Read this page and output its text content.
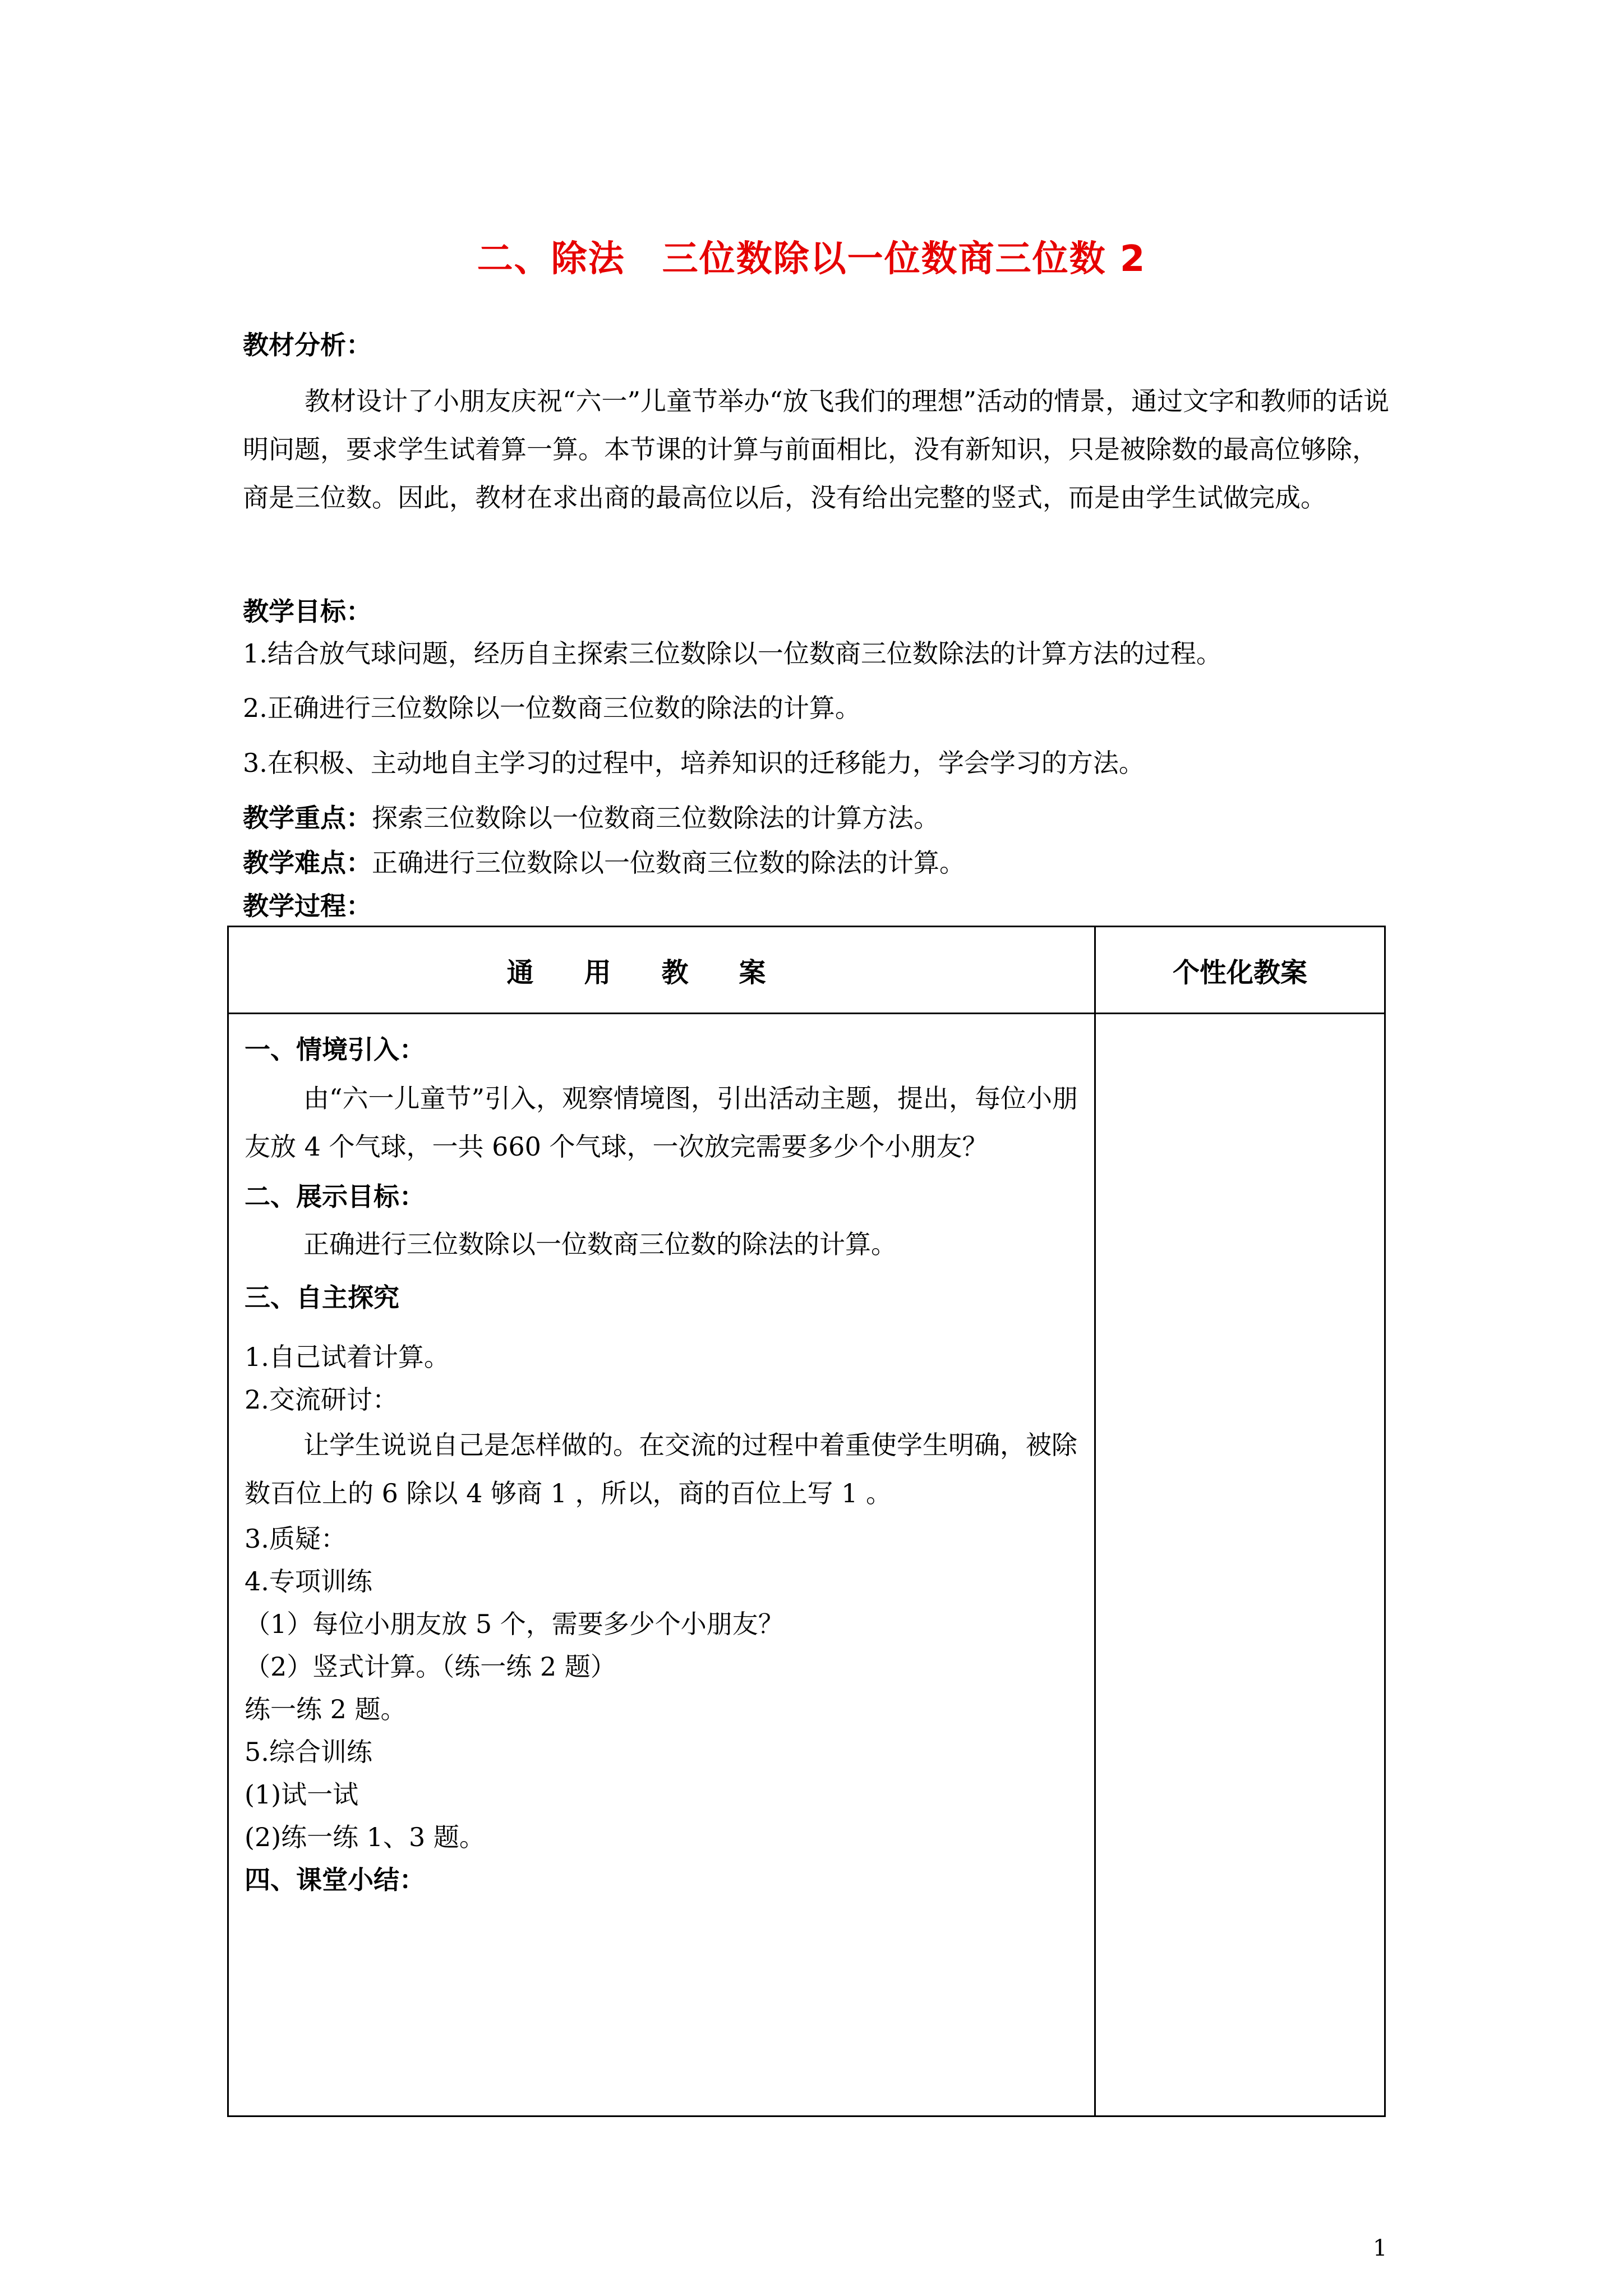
二、除法　三位数除以一位数商三位数 2
教材分析：
教材设计了小朋友庆祝“六一”儿童节举办“放飞我们的理想”活动的情景，通过文字和教师的话说明问题，要求学生试着算一算。本节课的计算与前面相比，没有新知识，只是被除数的最高位够除，商是三位数。因此，教材在求出商的最高位以后，没有给出完整的竖式，而是由学生试做完成。
教学目标：
1.结合放气球问题，经历自主探索三位数除以一位数商三位数除法的计算方法的过程。
2.正确进行三位数除以一位数商三位数的除法的计算。
3.在积极、主动地自主学习的过程中，培养知识的迁移能力，学会学习的方法。
教学重点：探索三位数除以一位数商三位数除法的计算方法。
教学难点：正确进行三位数除以一位数商三位数的除法的计算。
教学过程：
通用教案	个性化教案
一、情境引入：
由“六一儿童节”引入，观察情境图，引出活动主题，提出，每位小朋友放 4 个气球，一共 660 个气球，一次放完需要多少个小朋友？
二、展示目标：
正确进行三位数除以一位数商三位数的除法的计算。
三、自主探究
1.自己试着计算。
2.交流研讨：
让学生说说自己是怎样做的。在交流的过程中着重使学生明确，被除数百位上的 6 除以 4 够商 1 ，所以，商的百位上写 1 。
3.质疑：
4.专项训练
（1）每位小朋友放 5 个，需要多少个小朋友？
（2）竖式计算。（练一练 2 题）
练一练 2 题。
5.综合训练
(1)试一试
(2)练一练 1、3 题。
四、课堂小结：
1
